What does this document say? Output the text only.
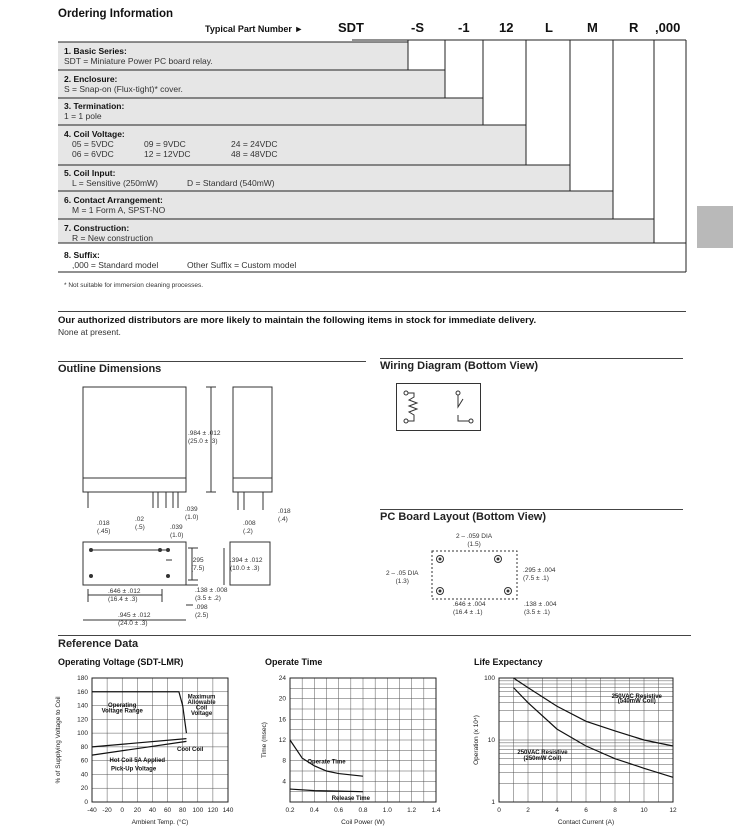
Ordering Information
Typical Part Number ►	SDT	-S	-1 12 L	M R ,000
1. Basic Series:
SDT = Miniature Power PC board relay.
2. Enclosure:
S = Snap-on (Flux-tight)* cover.
3. Termination:
1 = 1 pole
4. Coil Voltage:
05 = 5VDC
06 = 6VDC
09 = 9VDC
12 = 12VDC
24 = 24VDC
48 = 48VDC
5. Coil Input:
L = Sensitive (250mW)	D = Standard (540mW)
6. Contact Arrangement:
M = 1 Form A, SPST-NO
7. Construction:
R = New construction
8. Suffix:
,000 = Standard model	Other Suffix = Custom model
* Not suitable for immersion cleaning processes.
Our authorized distributors are more likely to maintain the following items in stock for immediate delivery.
None at present.
Outline Dimensions
.984 ± .012
(25.0 ± .3)
.039
(1.0)
.018
(.4)
.018
(.45)
.02
(.5)	.039
(1.0)
.008
(.2)
.295
(7.5)
.394 ± .012
(10.0 ± .3)
.646 ± .012
(16.4 ± .3)
.138 ± .008
(3.5 ± .2)
.098
(2.5)
.945 ± .012
(24.0 ± .3)
Wiring Diagram (Bottom View)
PC Board Layout (Bottom View)
2 – .059 DIA
(1.5)
2 – .05 DIA
(1.3)
.295 ± .004
(7.5 ± .1)
.646 ± .004
(16.4 ± .1)
.138 ± .004
(3.5 ± .1)
Reference Data
Operating Voltage (SDT-LMR)	Operate Time	Life Expectancy
-40 -20 0 20 40 60 80 100 120 140
0
20
40
60
80
100
120
140
160
180
Ambient Temp. (°C)
% of Supplying Voltage to Coil	Operating
Voltage Range
Maximum
Allowable
Coil
Voltage
Cool Coil
Hot Coil 5A Applied
Pick-Up Voltage
0.2 0.4 0.6 0.8 1.0 1.2 1.4
4
8
12
16
20
24
Coil Power (W)
Time (msec)
Operate Time
Release Time
0	2	4	6	8	10	12
1
10
100
Contact Current (A)
Operation (x 10⁴)
250VAC Resistive
(540mW Coil)
250VAC Resistive
(250mW Coil)
